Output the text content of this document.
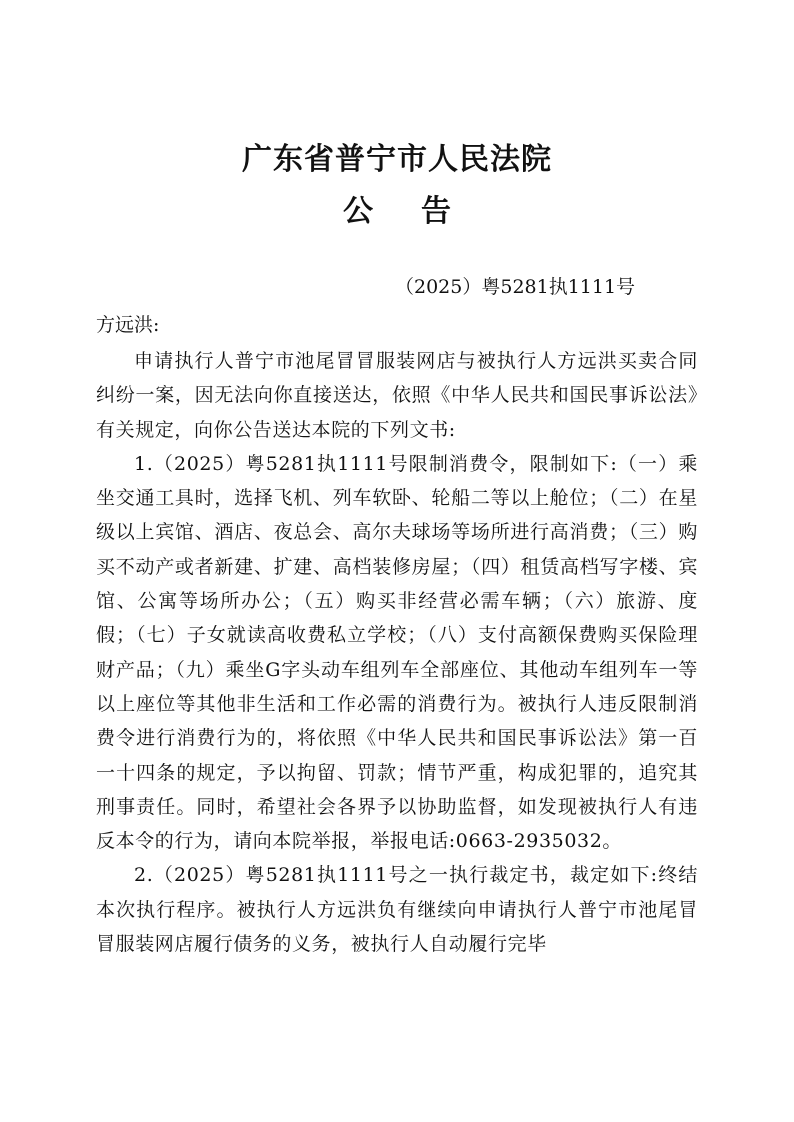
广东省普宁市人民法院
公 告
（2025）粤5281执1111号
方远洪:

申请执行人普宁市池尾冒冒服装网店与被执行人方远洪买卖合同纠纷一案，因无法向你直接送达，依照《中华人民共和国民事诉讼法》有关规定，向你公告送达本院的下列文书:

1.（2025）粤5281执1111号限制消费令，限制如下:（一）乘坐交通工具时，选择飞机、列车软卧、轮船二等以上舱位；（二）在星级以上宾馆、酒店、夜总会、高尔夫球场等场所进行高消费；（三）购买不动产或者新建、扩建、高档装修房屋；（四）租赁高档写字楼、宾馆、公寓等场所办公；（五）购买非经营必需车辆；（六）旅游、度假；（七）子女就读高收费私立学校；（八）支付高额保费购买保险理财产品；（九）乘坐G字头动车组列车全部座位、其他动车组列车一等以上座位等其他非生活和工作必需的消费行为。被执行人违反限制消费令进行消费行为的，将依照《中华人民共和国民事诉讼法》第一百一十四条的规定，予以拘留、罚款；情节严重，构成犯罪的，追究其刑事责任。同时，希望社会各界予以协助监督，如发现被执行人有违反本令的行为，请向本院举报，举报电话:0663-2935032。

2.（2025）粤5281执1111号之一执行裁定书，裁定如下:终结本次执行程序。被执行人方远洪负有继续向申请执行人普宁市池尾冒冒服装网店履行债务的义务，被执行人自动履行完毕
